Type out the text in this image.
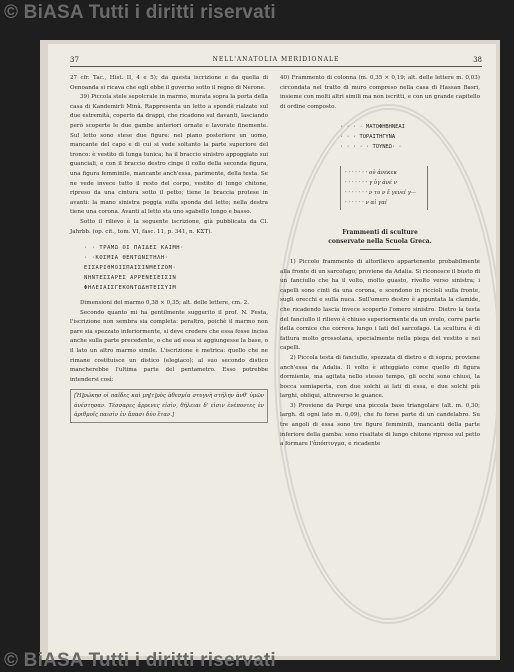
© BiASA Tutti i diritti riservati
37	NELL'ANATOLIA MERIDIONALE	38

27 cfr. Tac., Hist. II, 4 e 5); da questa iscrizione e da quella di Oenoanda si ricava che egli ebbe il governo sotto il regno di Nerone.

39) Piccola stele sepolcrale in marmo, murata sopra la porta della casa di Kandemirli Minà. Rappresenta un letto a spondè rialzate sul due estremità, coperto da drappi, che ricadono sul davanti, lasciando però scoperte le due gambe anteriori ornate e lavorate finemente. Sul letto sono stese due figure: nel piano posteriore un uomo, mancante del capo e di cui si vede soltanto la parte superiore del tronco: è vestito di lunga tunica; ha il braccio sinistro appoggiato sui guanciali, e con il braccio destro cinge il collo della seconda figura, una figura femminile, mancante anch'essa, parimente, della testa. Se ne vede invece tutto il resto del corpo, vestito di lungo chitone, ripreso da una cintura sotto il petto; tiene le braccia protese in avanti: la mano sinistra poggia sulla sponda del letto; nella destra tiene una corona. Avanti al letto sta uno sgabello lungo e basso.

Sotto il rilievo è la seguente iscrizione, già pubblicata da Cl. Jahrbb. (op. cit., tom. VI, fasc. 11, p. 341, n. ΚΣΤ).

· · ΤΡΑΜΩ ΟΙ ΠΑΙΔΕΣ ΚΑΙΜΗ·
· ·ΚΟΣΜΙΑ ΘΕΝΤΩΝΣΤΗΛΗ·
ΕΙΣΑΡΙΘΜΟΙΣΠΑΙΣΙΝΜΕΙΖΟΜ·
ΝΗΝΤΕΣΣΑΡΕΣ ΑΡΡΕΝΕΣΕΙΣΙΝ
ΦΗΛΕΙΑΙΣΓΕΚΟΝΤΩΔΗΤΕΙΣΥΙΜ

Dimensioni del marmo 0,38 × 0,35; alt. delle lettere, cm. 2.

Secondo quanto mi ha gentilmente suggerito il prof. N. Festa, l'iscrizione non sembra sia completa: peraltro, poichè il marmo non pare sia spezzato inferiormente, si deve credere che essa fosse incisa anche sulla parte precedente, o che ad essa si aggiungesse la base, o il lato un altro marmo simile. L'iscrizione è metrica: quello che ne rimane costituisce un distico (elegiaco); al suo secondo distico mancherebbe l'ultima parte del pentametro. Esso potrebbe intendersi così:

[Ἡ]ρώκησ οἱ παῖδες καὶ μη[τ]ρὸς ἀθεσμία στυγνὴ στήλην ἀνθ' ὑμῶν ἀνέστησαν. Τέσσαρες ἄρρενες εἰσὶν, θήλειαι δ' εἰσιν ἐνέποντες ἐν ἀριθμοῖς παισὶν ἐν ἅπασι δύο ἔταν.]

40) Frammento di colonna (m. 0,35 × 0,19; alt. delle lettere m. 0,03) circondata nel tratto di muro compreso nella casa di Hassan Basri, insieme con molti altri simili ma non iscritti, e con un grande capitello di ordine composto.

· · · · ΜΑΤΟΦΗΒΗΝΕΑΙ
· · · ΤΟΡΑΙΤΗΓΥΝΑ
· · · · · ΤΟΥΝΕΩ· ·
· · · · · · · οὐ ἀνεκεκ
· · · · · · · γ ὑγ ἀνέ ν
· · · · · · · ν τυ ν ἔ γενεί γ—
· · · · · · ν αἰ γαί
Frammenti di sculture
conservate nella Scuola Greca.

1) Piccolo frammento di altorilievo appartenente probabilmente alla fronte di un sarcofago; proviene da Adalia. Si riconosce il busto di un fanciullo che ha il volto, molto guasto, rivolto verso sinistra; i capelli sono cinti da una corona, e scendono in riccioli sulla fronte, sugli orecchi e sulla nuca. Sull'omero destro è appuntata la clamide, che ricadendo lascia invece scoperto l'omero sinistro. Dietro la testa del fanciullo il rilievo è chiuso superiormente da un ovulo, corre parte della cornice che correva lungo i lati del sarcofago. La scultura è di fattura molto grossolana, specialmente nella piega del vestito e nei capelli.

2) Piccola testa di fanciullo, spezzata di dietro e di sopra; proviene anch'essa da Adalia. Il volto è atteggiato come quello di figura dormiente, ma agitata nello stesso tempo, gli occhi sono chiusi, la bocca semiaperta, con due solchi ai lati di essa, e due solchi più larghi, obliqui, attraverso le guance.

3) Proviene da Perge una piccola base triangolare (alt. m. 0,30; largh. di ogni lato m. 0,09), che fu forse parte di un candelabro. Su tre angoli di essa sono tre figure femminili, mancanti della parte inferiore della gamba: sono risaltate di lungo chitone ripreso sul petto a formare l'ἀπόπτυγμα, e ricadente

© BiASA Tutti i diritti riservati
